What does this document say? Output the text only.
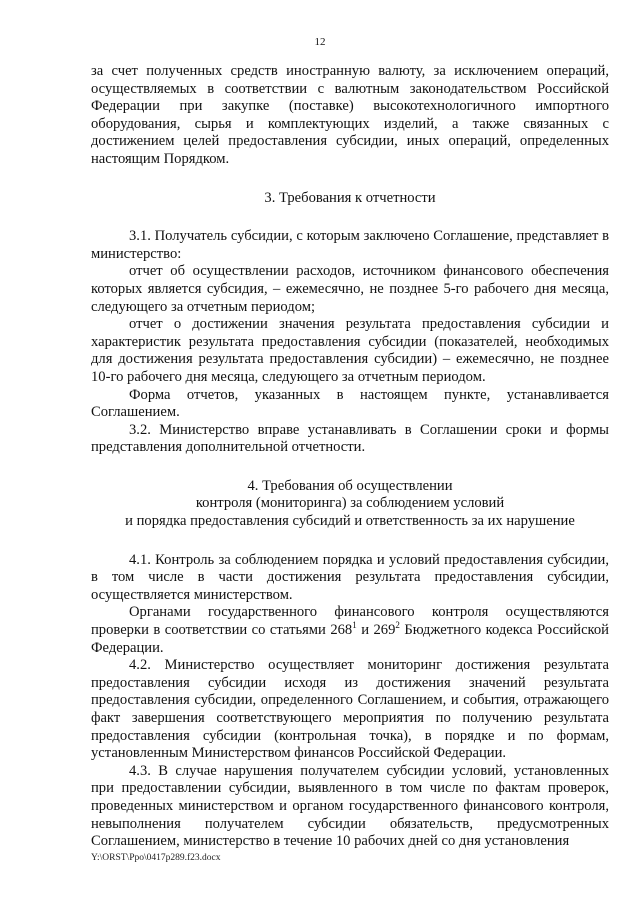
12

за счет полученных средств иностранную валюту, за исключением операций, осуществляемых в соответствии с валютным законодательством Российской Федерации при закупке (поставке) высокотехнологичного импортного оборудования, сырья и комплектующих изделий, а также связанных с достижением целей предоставления субсидии, иных операций, определенных настоящим Порядком.

3. Требования к отчетности

3.1. Получатель субсидии, с которым заключено Соглашение, представляет в министерство:

отчет об осуществлении расходов, источником финансового обеспечения которых является субсидия, – ежемесячно, не позднее 5-го рабочего дня месяца, следующего за отчетным периодом;

отчет о достижении значения результата предоставления субсидии и характеристик результата предоставления субсидии (показателей, необходимых для достижения результата предоставления субсидии) – ежемесячно, не позднее 10-го рабочего дня месяца, следующего за отчетным периодом.

Форма отчетов, указанных в настоящем пункте, устанавливается Соглашением.

3.2. Министерство вправе устанавливать в Соглашении сроки и формы представления дополнительной отчетности.

4. Требования об осуществлении

контроля (мониторинга) за соблюдением условий

и порядка предоставления субсидий и ответственность за их нарушение

4.1. Контроль за соблюдением порядка и условий предоставления субсидии, в том числе в части достижения результата предоставления субсидии, осуществляется министерством.

Органами государственного финансового контроля осуществляются проверки в соответствии со статьями $268^1$ и $269^2$ Бюджетного кодекса Российской Федерации.

4.2. Министерство осуществляет мониторинг достижения результата предоставления субсидии исходя из достижения значений результата предоставления субсидии, определенного Соглашением, и события, отражающего факт завершения соответствующего мероприятия по получению результата предоставления субсидии (контрольная точка), в порядке и по формам, установленным Министерством финансов Российской Федерации.

4.3. В случае нарушения получателем субсидии условий, установленных при предоставлении субсидии, выявленного в том числе по фактам проверок, проведенных министерством и органом государственного финансового контроля, невыполнения получателем субсидии обязательств, предусмотренных Соглашением, министерство в течение 10 рабочих дней со дня установления

Y:\ORST\Ppo\0417p289.f23.docx
